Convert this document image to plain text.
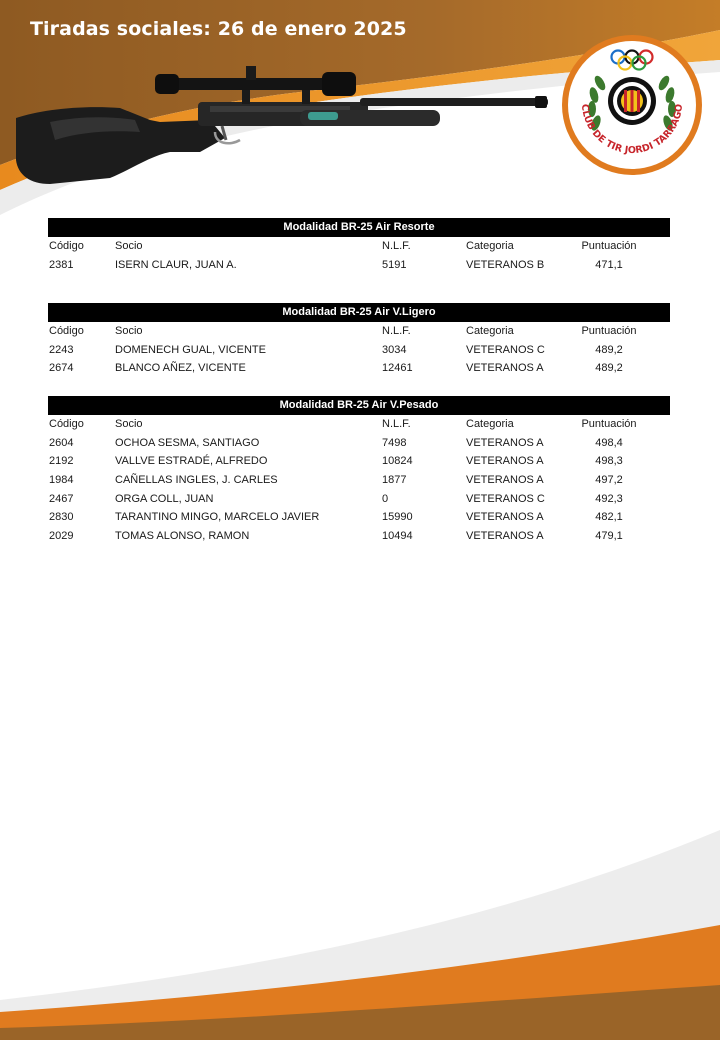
Tiradas sociales: 26 de enero 2025
CLUB DE TIR JORDI TARRAGO
Modalidad BR-25 Air Resorte
Código	Socio	N.L.F.	Categoria	Puntuación
2381	ISERN CLAUR, JUAN A.	5191	VETERANOS B	471,1
Modalidad BR-25 Air V.Ligero
Código	Socio	N.L.F.	Categoria	Puntuación
2243	DOMENECH GUAL, VICENTE	3034	VETERANOS C	489,2
2674	BLANCO AÑEZ, VICENTE	12461	VETERANOS A	489,2
Modalidad BR-25 Air V.Pesado
Código	Socio	N.L.F.	Categoria	Puntuación
2604	OCHOA SESMA, SANTIAGO	7498	VETERANOS A	498,4
2192	VALLVE ESTRADÉ, ALFREDO	10824	VETERANOS A	498,3
1984	CAÑELLAS INGLES, J. CARLES	1877	VETERANOS A	497,2
2467	ORGA COLL, JUAN	0	VETERANOS C	492,3
2830	TARANTINO MINGO, MARCELO JAVIER	15990	VETERANOS A	482,1
2029	TOMAS ALONSO, RAMON	10494	VETERANOS A	479,1
